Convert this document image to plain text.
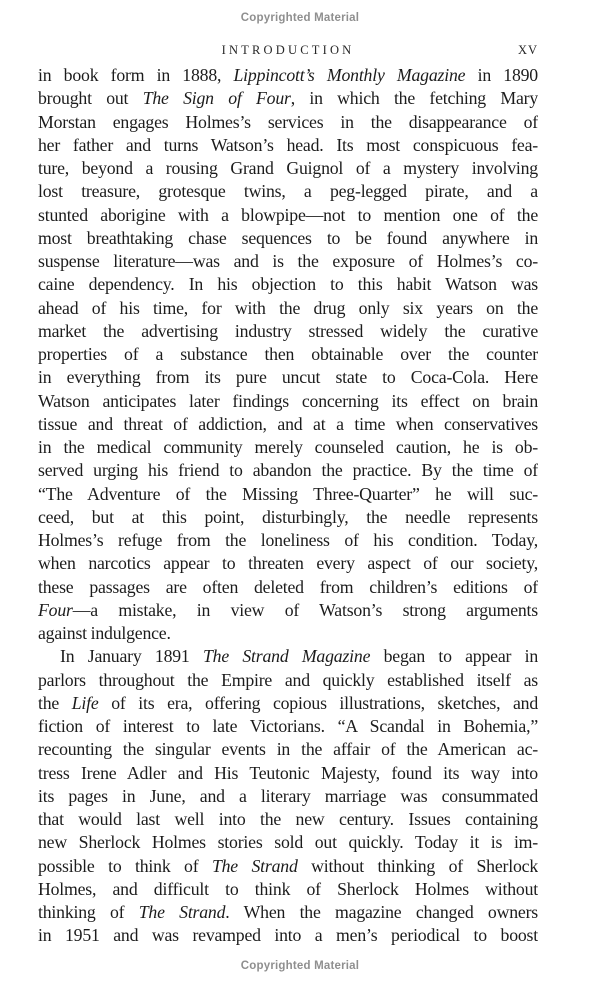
Copyrighted Material
INTRODUCTION	XV
in book form in 1888, Lippincott’s Monthly Magazine in 1890
brought out The Sign of Four, in which the fetching Mary
Morstan engages Holmes’s services in the disappearance of
her father and turns Watson’s head. Its most conspicuous fea-
ture, beyond a rousing Grand Guignol of a mystery involving
lost treasure, grotesque twins, a peg-legged pirate, and a
stunted aborigine with a blowpipe—not to mention one of the
most breathtaking chase sequences to be found anywhere in
suspense literature—was and is the exposure of Holmes’s co-
caine dependency. In his objection to this habit Watson was
ahead of his time, for with the drug only six years on the
market the advertising industry stressed widely the curative
properties of a substance then obtainable over the counter
in everything from its pure uncut state to Coca-Cola. Here
Watson anticipates later findings concerning its effect on brain
tissue and threat of addiction, and at a time when conservatives
in the medical community merely counseled caution, he is ob-
served urging his friend to abandon the practice. By the time of
“The Adventure of the Missing Three-Quarter” he will suc-
ceed, but at this point, disturbingly, the needle represents
Holmes’s refuge from the loneliness of his condition. Today,
when narcotics appear to threaten every aspect of our society,
these passages are often deleted from children’s editions of
Four—a mistake, in view of Watson’s strong arguments
against indulgence.
In January 1891 The Strand Magazine began to appear in
parlors throughout the Empire and quickly established itself as
the Life of its era, offering copious illustrations, sketches, and
fiction of interest to late Victorians. “A Scandal in Bohemia,”
recounting the singular events in the affair of the American ac-
tress Irene Adler and His Teutonic Majesty, found its way into
its pages in June, and a literary marriage was consummated
that would last well into the new century. Issues containing
new Sherlock Holmes stories sold out quickly. Today it is im-
possible to think of The Strand without thinking of Sherlock
Holmes, and difficult to think of Sherlock Holmes without
thinking of The Strand. When the magazine changed owners
in 1951 and was revamped into a men’s periodical to boost
Copyrighted Material
